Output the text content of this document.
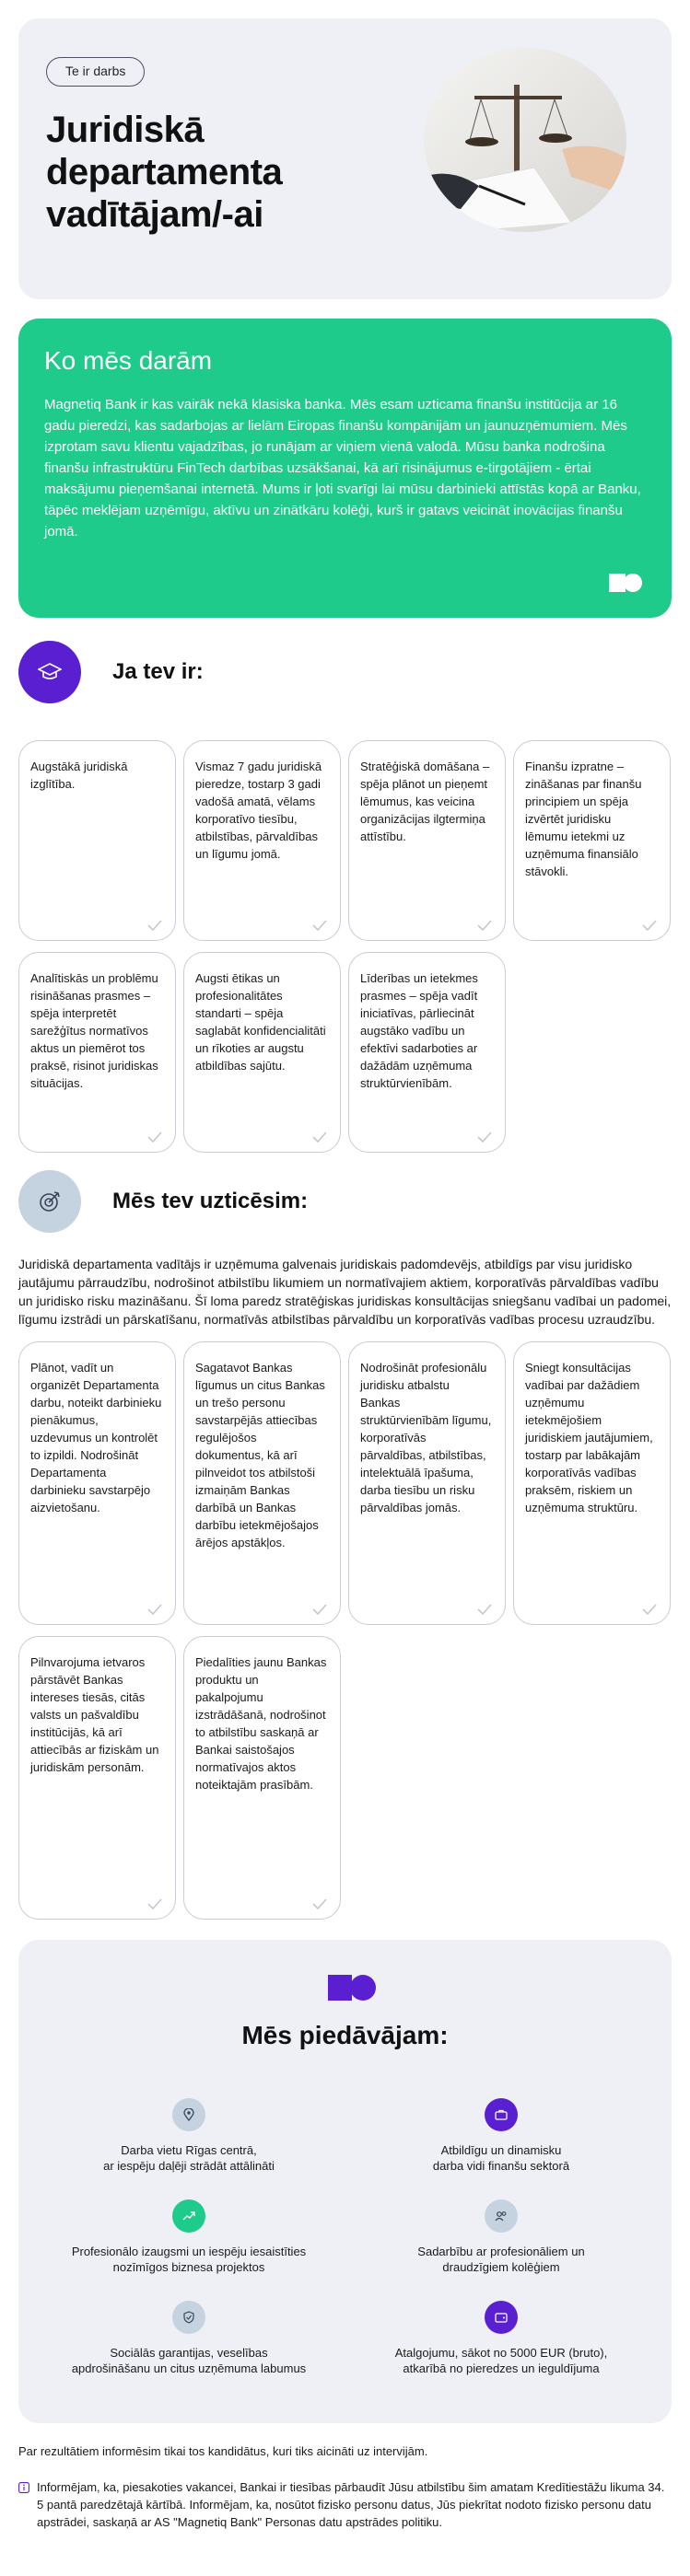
Te ir darbs
Juridiskā departamenta vadītājam/-ai
Ko mēs darām

Magnetiq Bank ir kas vairāk nekā klasiska banka. Mēs esam uzticama finanšu institūcija ar 16 gadu pieredzi, kas sadarbojas ar lielām Eiropas finanšu kompānijām un jaunuzņēmumiem. Mēs izprotam savu klientu vajadzības, jo runājam ar viņiem vienā valodā. Mūsu banka nodrošina finanšu infrastruktūru FinTech darbības uzsākšanai, kā arī risinājumus e-tirgotājiem - ērtai maksājumu pieņemšanai internetā. Mums ir ļoti svarīgi lai mūsu darbinieki attīstās kopā ar Banku, tāpēc meklējam uzņēmīgu, aktīvu un zinātkāru kolēģi, kurš ir gatavs veicināt inovācijas finanšu jomā.

Ja tev ir:
Augstākā juridiskā izglītība.
Vismaz 7 gadu juridiskā pieredze, tostarp 3 gadi vadošā amatā, vēlams korporatīvo tiesību, atbilstības, pārvaldības un līgumu jomā.
Stratēģiskā domāšana – spēja plānot un pieņemt lēmumus, kas veicina organizācijas ilgtermiņa attīstību.
Finanšu izpratne – zināšanas par finanšu principiem un spēja izvērtēt juridisku lēmumu ietekmi uz uzņēmuma finansiālo stāvokli.
Analītiskās un problēmu risināšanas prasmes – spēja interpretēt sarežģītus normatīvos aktus un piemērot tos praksē, risinot juridiskas situācijas.
Augsti ētikas un profesionalitātes standarti – spēja saglabāt konfidencialitāti un rīkoties ar augstu atbildības sajūtu.
Līderības un ietekmes prasmes – spēja vadīt iniciatīvas, pārliecināt augstāko vadību un efektīvi sadarboties ar dažādām uzņēmuma struktūrvienībām.
Mēs tev uzticēsim:

Juridiskā departamenta vadītājs ir uzņēmuma galvenais juridiskais padomdevējs, atbildīgs par visu juridisko jautājumu pārraudzību, nodrošinot atbilstību likumiem un normatīvajiem aktiem, korporatīvās pārvaldības vadību un juridisko risku mazināšanu. Šī loma paredz stratēģiskas juridiskas konsultācijas sniegšanu vadībai un padomei, līgumu izstrādi un pārskatīšanu, normatīvās atbilstības pārvaldību un korporatīvās vadības procesu uzraudzību.

Plānot, vadīt un organizēt Departamenta darbu, noteikt darbinieku pienākumus, uzdevumus un kontrolēt to izpildi. Nodrošināt Departamenta darbinieku savstarpējo aizvietošanu.
Sagatavot Bankas līgumus un citus Bankas un trešo personu savstarpējās attiecības regulējošos dokumentus, kā arī pilnveidot tos atbilstoši izmaiņām Bankas darbībā un Bankas darbību ietekmējošajos ārējos apstākļos.
Nodrošināt profesionālu juridisku atbalstu Bankas struktūrvienībām līgumu, korporatīvās pārvaldības, atbilstības, intelektuālā īpašuma, darba tiesību un risku pārvaldības jomās.
Sniegt konsultācijas vadībai par dažādiem uzņēmumu ietekmējošiem juridiskiem jautājumiem, tostarp par labākajām korporatīvās vadības praksēm, riskiem un uzņēmuma struktūru.
Pilnvarojuma ietvaros pārstāvēt Bankas intereses tiesās, citās valsts un pašvaldību institūcijās, kā arī attiecībās ar fiziskām un juridiskām personām.
Piedalīties jaunu Bankas produktu un pakalpojumu izstrādāšanā, nodrošinot to atbilstību saskaņā ar Bankai saistošajos normatīvajos aktos noteiktajām prasībām.
Mēs piedāvājam:
Darba vietu Rīgas centrā,
ar iespēju daļēji strādāt attālināti
Atbildīgu un dinamisku
darba vidi finanšu sektorā
Profesionālo izaugsmi un iespēju iesaistīties
nozīmīgos biznesa projektos
Sadarbību ar profesionāliem un
draudzīgiem kolēģiem
Sociālās garantijas, veselības
apdrošināšanu un citus uzņēmuma labumus
Atalgojumu, sākot no 5000 EUR (bruto),
atkarībā no pieredzes un ieguldījuma

Par rezultātiem informēsim tikai tos kandidātus, kuri tiks aicināti uz intervijām.

Informējam, ka, piesakoties vakancei, Bankai ir tiesības pārbaudīt Jūsu atbilstību šim amatam Kredītiestāžu likuma 34. 5 pantā paredzētajā kārtībā. Informējam, ka, nosūtot fizisko personu datus, Jūs piekrītat nodoto fizisko personu datu apstrādei, saskaņā ar AS "Magnetiq Bank" Personas datu apstrādes politiku.
